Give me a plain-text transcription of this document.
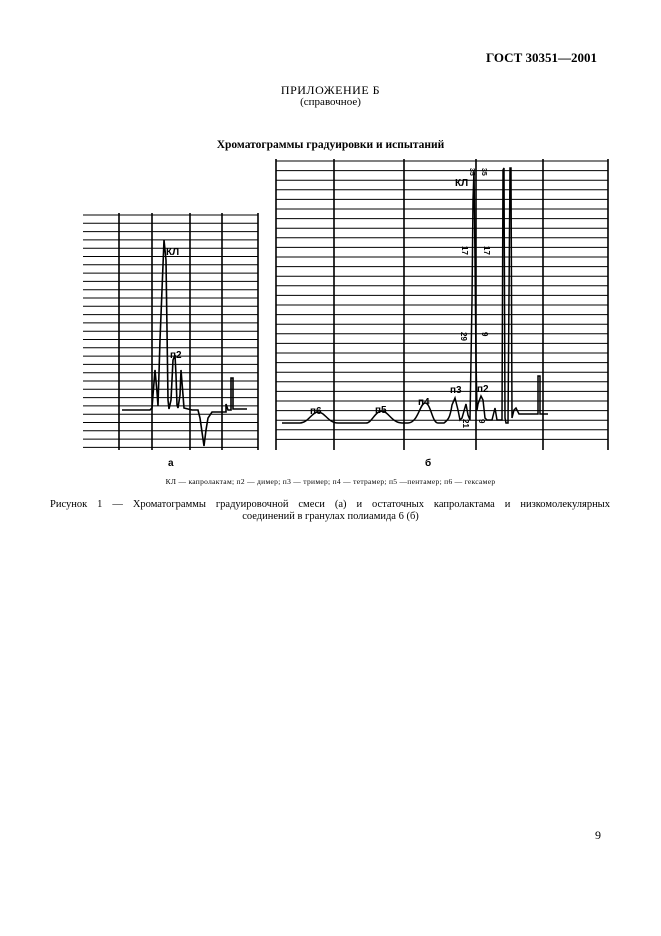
ГОСТ 30351—2001
ПРИЛОЖЕНИЕ Б
(справочное)
Хроматограммы градуировки и испытаний
КЛ
п2
а
п6	п5
п4
п3 п2
КЛ
35 35
17 17
29 9
21 9
б
КЛ — капролактам; п2 — димер; п3 — тример; п4 — тетрамер; п5 —пентамер; п6 — гексамер
Рисунок 1 — Хроматограммы градуировочной смеси (а) и остаточных капролактама и низкомолекулярных
соединений в гранулах полиамида 6 (б)
9
